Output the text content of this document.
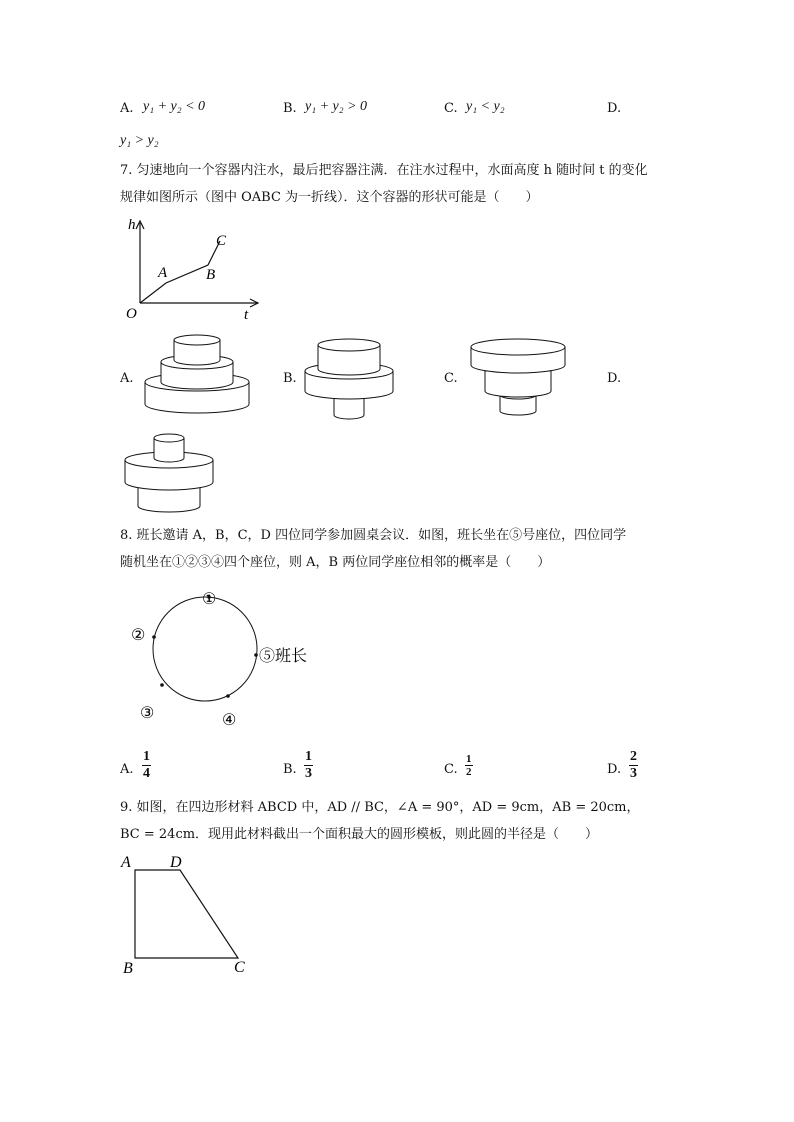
A. y₁ + y₂ < 0	B. y₁ + y₂ > 0	C. y₁ < y₂	D.
y₁ > y₂
7. 匀速地向一个容器内注水，最后把容器注满．在注水过程中，水面高度 h 随时间 t 的变化
规律如图所示（图中 OABC 为一折线）．这个容器的形状可能是（　　）
h
t
O
A	B
C
A.	B.	C.	D.
8. 班长邀请 A，B，C，D 四位同学参加圆桌会议．如图，班长坐在⑤号座位，四位同学
随机坐在①②③④四个座位，则 A，B 两位同学座位相邻的概率是（　　）
①
②
③	④
⑤班长
A. $\frac{1}{4}$	B. $\frac{1}{3}$	C. $\frac{1}{2}$	D. $\frac{2}{3}$
9. 如图，在四边形材料 ABCD 中，AD // BC，∠A = 90°，AD = 9cm，AB = 20cm，
BC = 24cm．现用此材料截出一个面积最大的圆形模板，则此圆的半径是（　　）
A D
B	C
